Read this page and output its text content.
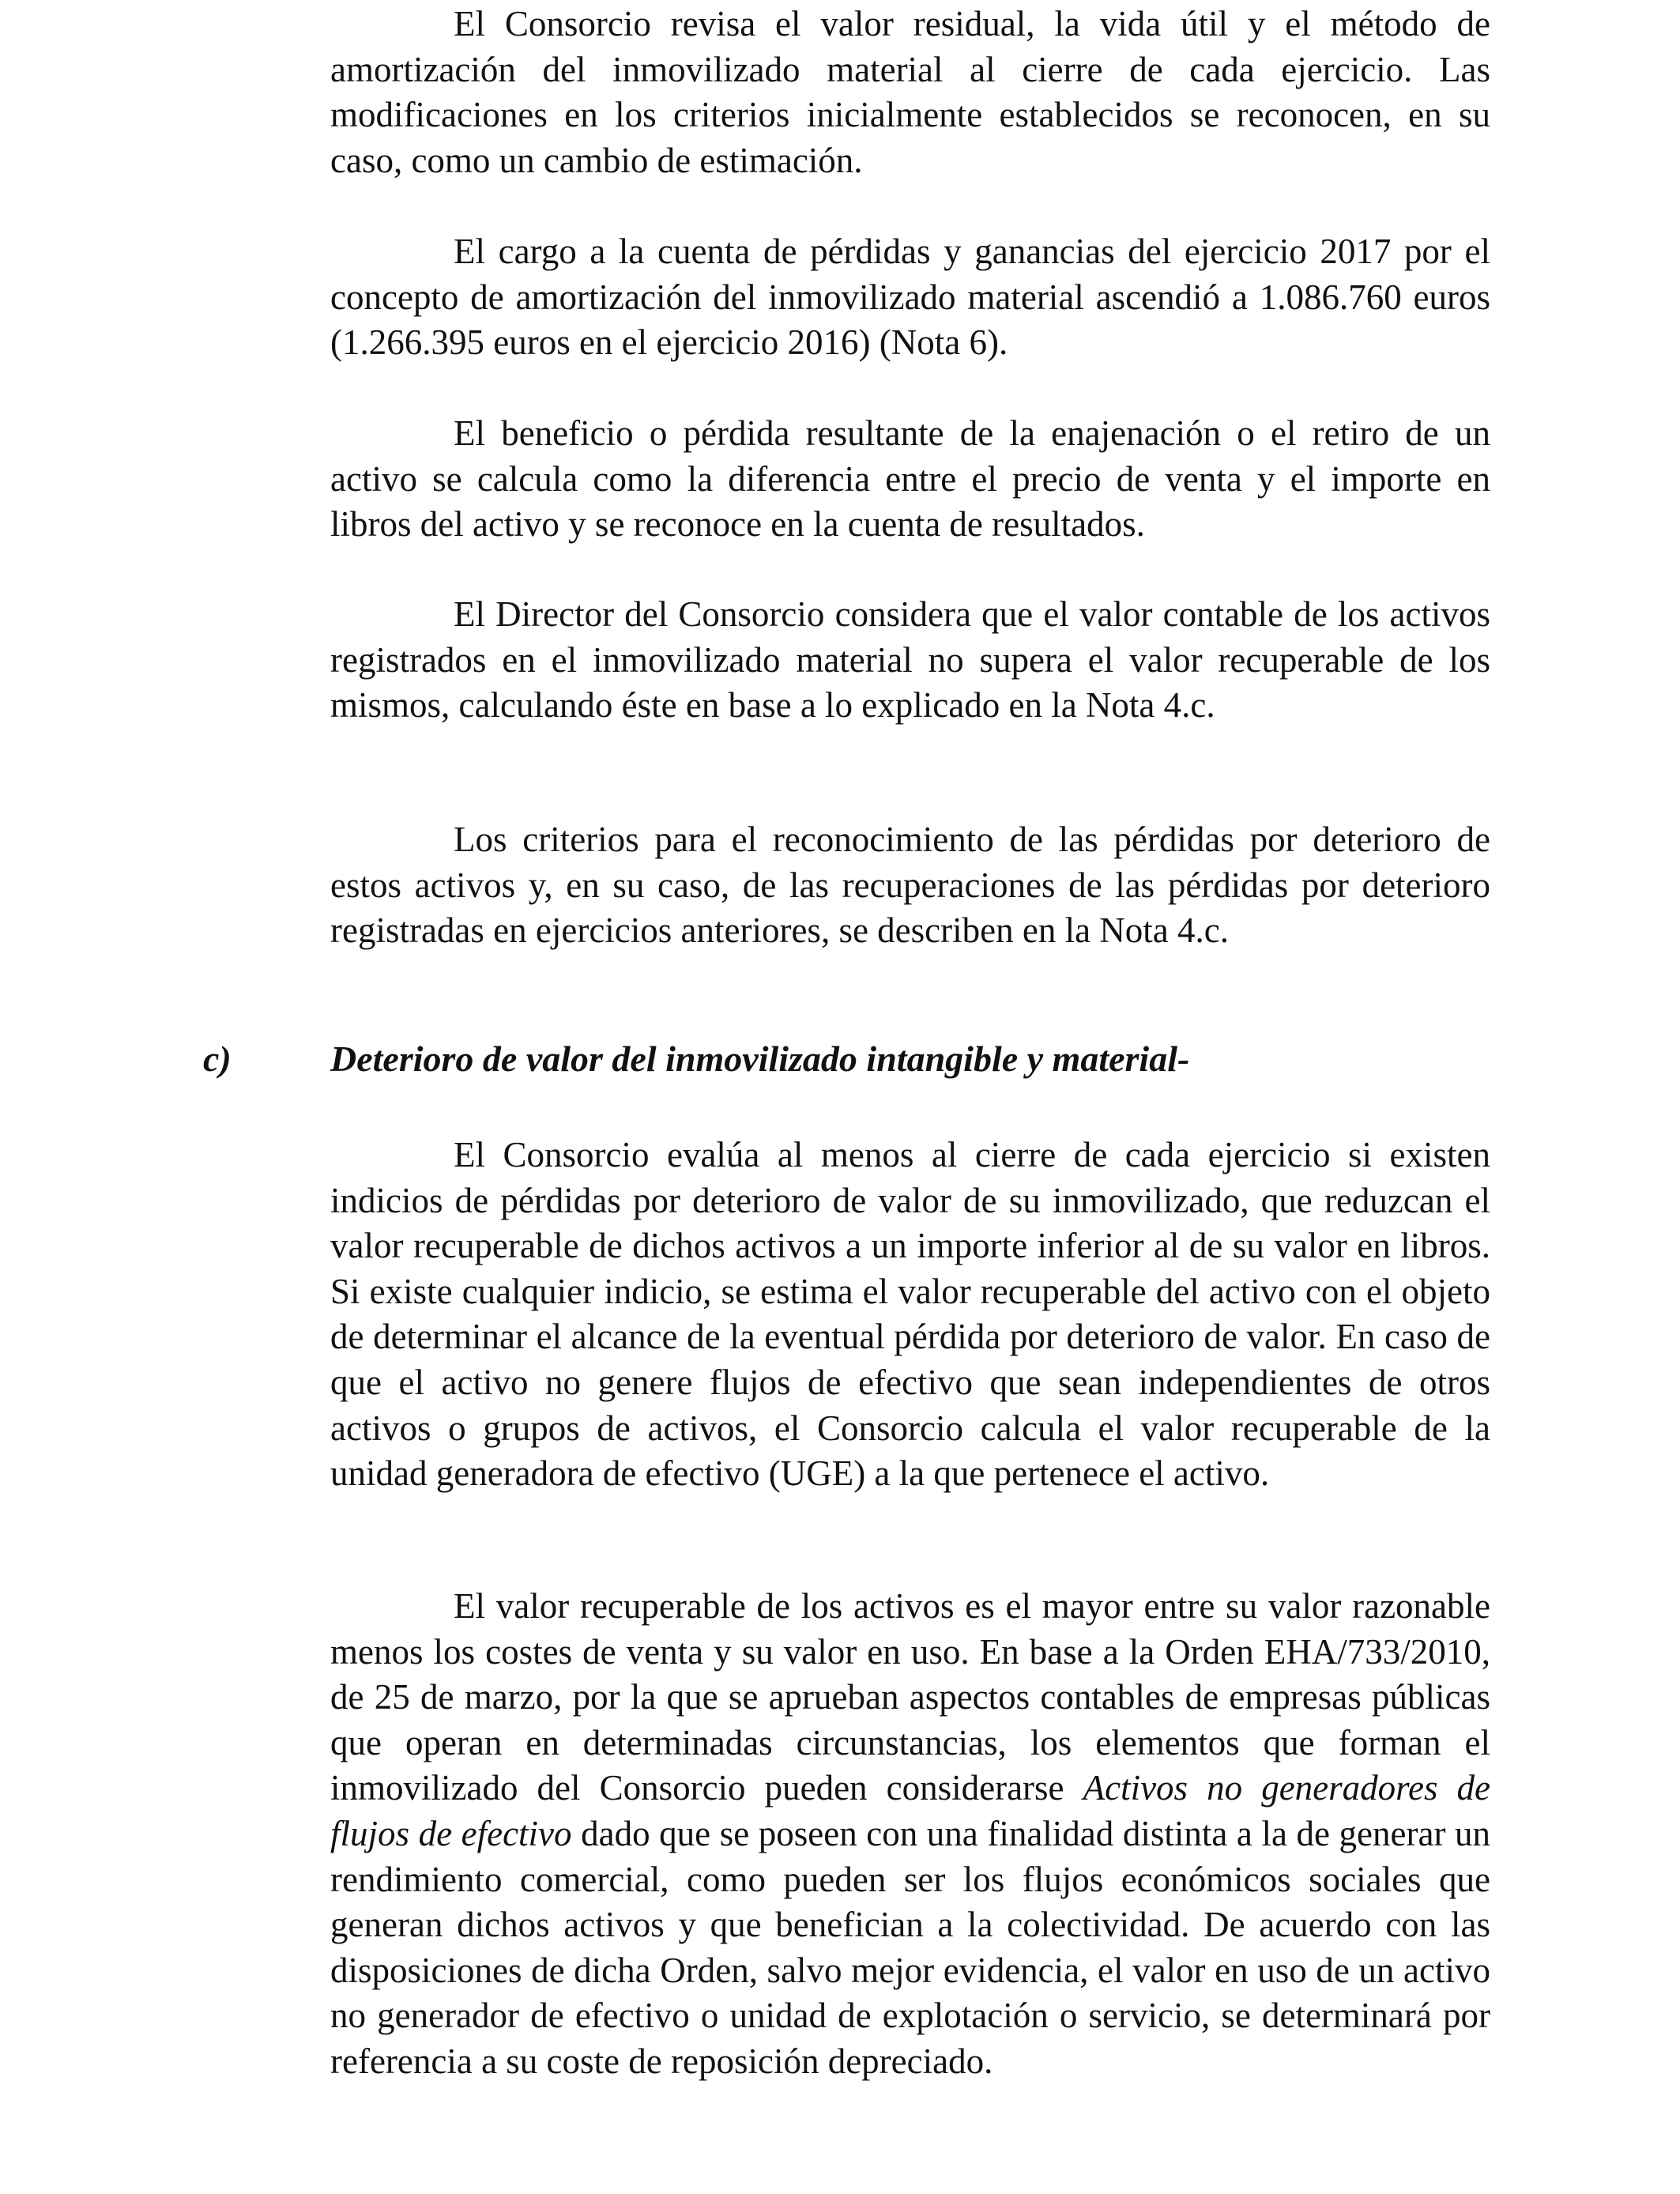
El Consorcio revisa el valor residual, la vida útil y el método de amortización del inmovilizado material al cierre de cada ejercicio. Las modificaciones en los criterios inicialmente establecidos se reconocen, en su caso, como un cambio de estimación.

El cargo a la cuenta de pérdidas y ganancias del ejercicio 2017 por el concepto de amortización del inmovilizado material ascendió a 1.086.760 euros (1.266.395 euros en el ejercicio 2016) (Nota 6).

El beneficio o pérdida resultante de la enajenación o el retiro de un activo se calcula como la diferencia entre el precio de venta y el importe en libros del activo y se reconoce en la cuenta de resultados.

El Director del Consorcio considera que el valor contable de los activos registrados en el inmovilizado material no supera el valor recuperable de los mismos, calculando éste en base a lo explicado en la Nota 4.c.

Los criterios para el reconocimiento de las pérdidas por deterioro de estos activos y, en su caso, de las recuperaciones de las pérdidas por deterioro registradas en ejercicios anteriores, se describen en la Nota 4.c.

c)	Deterioro de valor del inmovilizado intangible y material-

El Consorcio evalúa al menos al cierre de cada ejercicio si existen indicios de pérdidas por deterioro de valor de su inmovilizado, que reduzcan el valor recuperable de dichos activos a un importe inferior al de su valor en libros. Si existe cualquier indicio, se estima el valor recuperable del activo con el objeto de determinar el alcance de la eventual pérdida por deterioro de valor. En caso de que el activo no genere flujos de efectivo que sean independientes de otros activos o grupos de activos, el Consorcio calcula el valor recuperable de la unidad generadora de efectivo (UGE) a la que pertenece el activo.

El valor recuperable de los activos es el mayor entre su valor razonable menos los costes de venta y su valor en uso. En base a la Orden EHA/733/2010, de 25 de marzo, por la que se aprueban aspectos contables de empresas públicas que operan en determinadas circunstancias, los elementos que forman el inmovilizado del Consorcio pueden considerarse Activos no generadores de flujos de efectivo dado que se poseen con una finalidad distinta a la de generar un rendimiento comercial, como pueden ser los flujos económicos sociales que generan dichos activos y que benefician a la colectividad. De acuerdo con las disposiciones de dicha Orden, salvo mejor evidencia, el valor en uso de un activo no generador de efectivo o unidad de explotación o servicio, se determinará por referencia a su coste de reposición depreciado.
